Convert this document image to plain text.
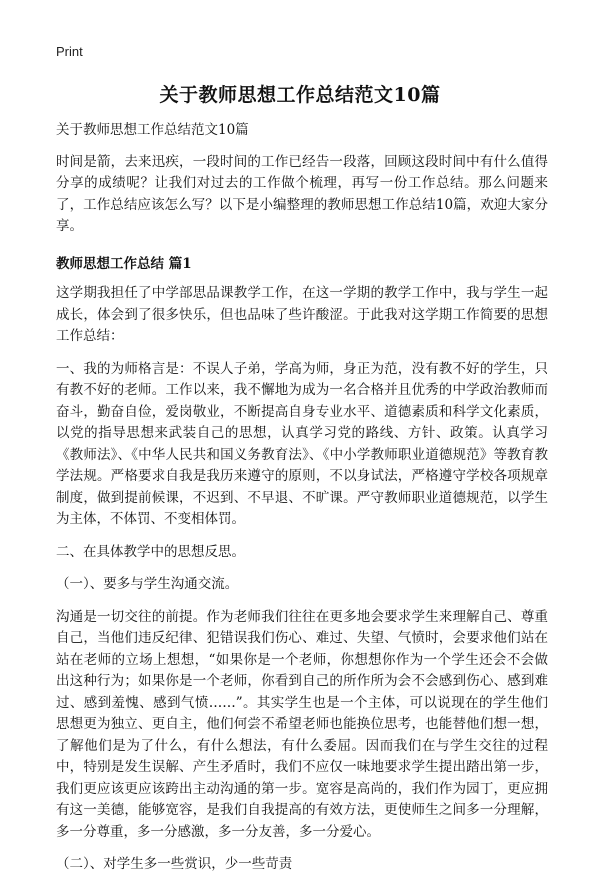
Print
关于教师思想工作总结范文10篇

关于教师思想工作总结范文10篇

时间是箭，去来迅疾，一段时间的工作已经告一段落，回顾这段时间中有什么值得分享的成绩呢？让我们对过去的工作做个梳理，再写一份工作总结。那么问题来了，工作总结应该怎么写？以下是小编整理的教师思想工作总结10篇，欢迎大家分享。

教师思想工作总结 篇1

这学期我担任了中学部思品课教学工作，在这一学期的教学工作中，我与学生一起成长，体会到了很多快乐，但也品味了些许酸涩。于此我对这学期工作简要的思想工作总结：

一、我的为师格言是：不误人子弟，学高为师，身正为范，没有教不好的学生，只有教不好的老师。工作以来，我不懈地为成为一名合格并且优秀的中学政治教师而奋斗，勤奋自俭，爱岗敬业，不断提高自身专业水平、道德素质和科学文化素质，以党的指导思想来武装自己的思想，认真学习党的路线、方针、政策。认真学习《教师法》、《中华人民共和国义务教育法》、《中小学教师职业道德规范》等教育教学法规。严格要求自我是我历来遵守的原则，不以身试法，严格遵守学校各项规章制度，做到提前候课，不迟到、不早退、不旷课。严守教师职业道德规范，以学生为主体，不体罚、不变相体罚。

二、在具体教学中的思想反思。

（一）、要多与学生沟通交流。

沟通是一切交往的前提。作为老师我们往往在更多地会要求学生来理解自己、尊重自己，当他们违反纪律、犯错误我们伤心、难过、失望、气愤时，会要求他们站在站在老师的立场上想想，“如果你是一个老师，你想想你作为一个学生还会不会做出这种行为；如果你是一个老师，你看到自己的所作所为会不会感到伤心、感到难过、感到羞愧、感到气愤……”。其实学生也是一个主体，可以说现在的学生他们思想更为独立、更自主，他们何尝不希望老师也能换位思考，也能替他们想一想，了解他们是为了什么，有什么想法，有什么委屈。因而我们在与学生交往的过程中，特别是发生误解、产生矛盾时，我们不应仅一味地要求学生提出踏出第一步，我们更应该更应该跨出主动沟通的第一步。宽容是高尚的，我们作为园丁，更应拥有这一美德，能够宽容，是我们自我提高的有效方法，更使师生之间多一分理解，多一分尊重，多一分感激，多一分友善，多一分爱心。

（二）、对学生多一些赏识，少一些苛责
